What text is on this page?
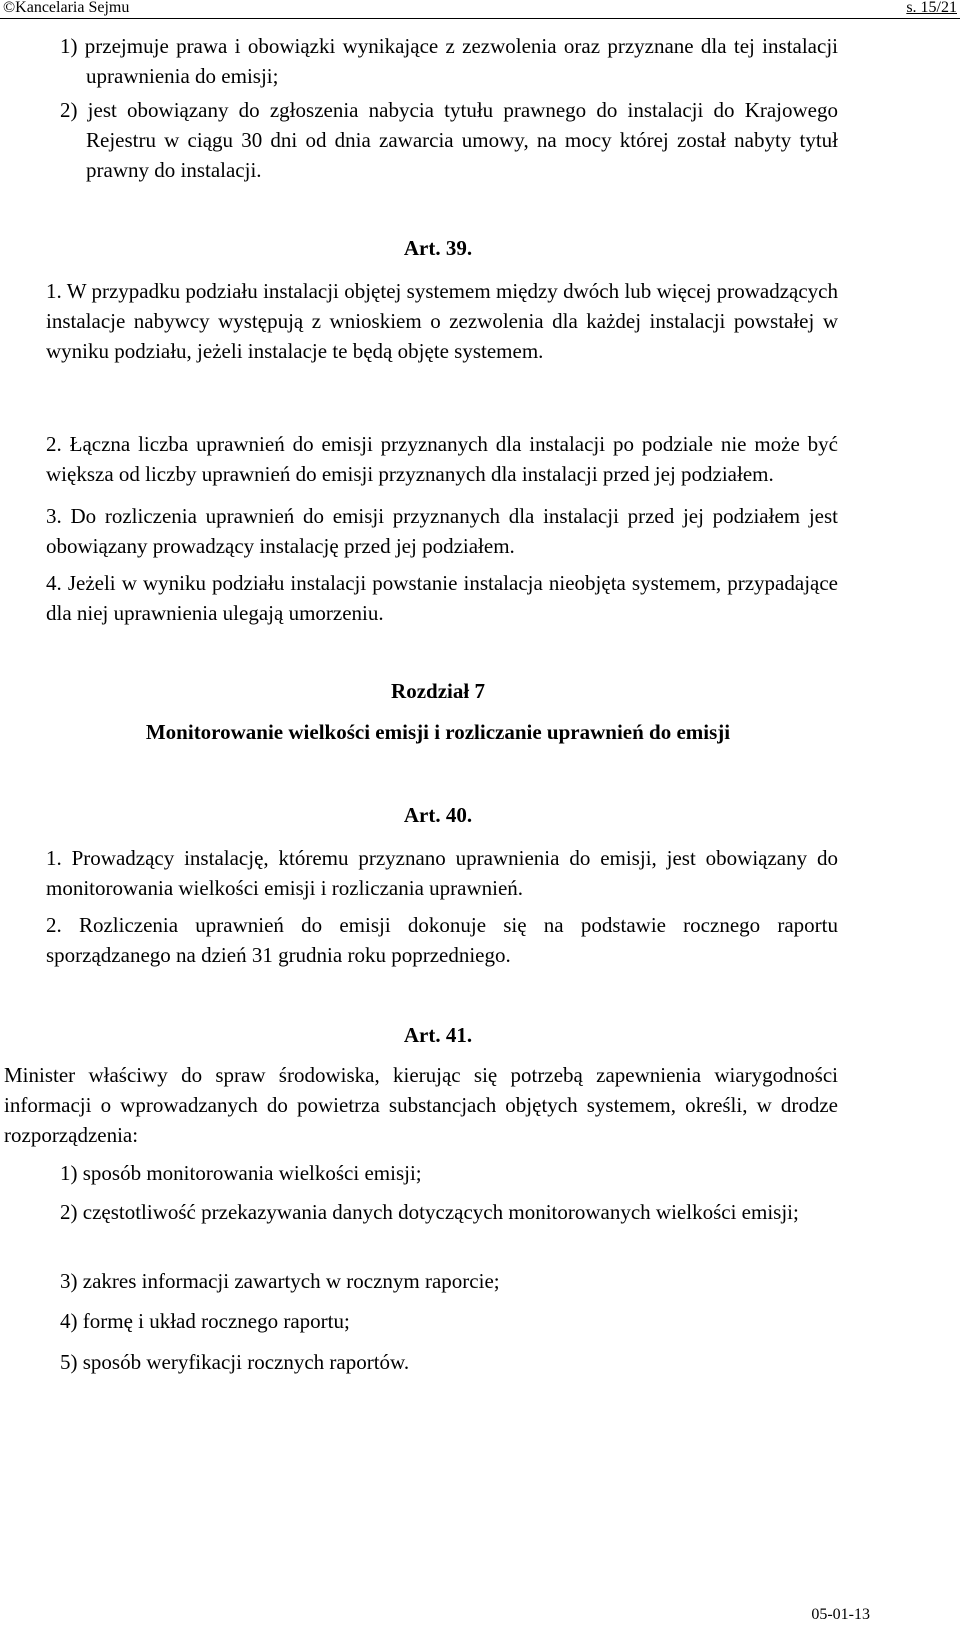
©Kancelaria Sejmu	s. 15/21
1) przejmuje prawa i obowiązki wynikające z zezwolenia oraz przyznane dla tej instalacji uprawnienia do emisji;
2) jest obowiązany do zgłoszenia nabycia tytułu prawnego do instalacji do Krajowego Rejestru w ciągu 30 dni od dnia zawarcia umowy, na mocy której został nabyty tytuł prawny do instalacji.
Art. 39.
1. W przypadku podziału instalacji objętej systemem między dwóch lub więcej prowadzących instalacje nabywcy występują z wnioskiem o zezwolenia dla każdej instalacji powstałej w wyniku podziału, jeżeli instalacje te będą objęte systemem.
2. Łączna liczba uprawnień do emisji przyznanych dla instalacji po podziale nie może być większa od liczby uprawnień do emisji przyznanych dla instalacji przed jej podziałem.
3. Do rozliczenia uprawnień do emisji przyznanych dla instalacji przed jej podziałem jest obowiązany prowadzący instalację przed jej podziałem.
4. Jeżeli w wyniku podziału instalacji powstanie instalacja nieobjęta systemem, przypadające dla niej uprawnienia ulegają umorzeniu.
Rozdział 7
Monitorowanie wielkości emisji i rozliczanie uprawnień do emisji
Art. 40.
1. Prowadzący instalację, któremu przyznano uprawnienia do emisji, jest obowiązany do monitorowania wielkości emisji i rozliczania uprawnień.
2. Rozliczenia uprawnień do emisji dokonuje się na podstawie rocznego raportu sporządzanego na dzień 31 grudnia roku poprzedniego.
Art. 41.
Minister właściwy do spraw środowiska, kierując się potrzebą zapewnienia wiarygodności informacji o wprowadzanych do powietrza substancjach objętych systemem, określi, w drodze rozporządzenia:
1) sposób monitorowania wielkości emisji;
2) częstotliwość przekazywania danych dotyczących monitorowanych wielkości emisji;
3) zakres informacji zawartych w rocznym raporcie;
4) formę i układ rocznego raportu;
5) sposób weryfikacji rocznych raportów.
05-01-13
